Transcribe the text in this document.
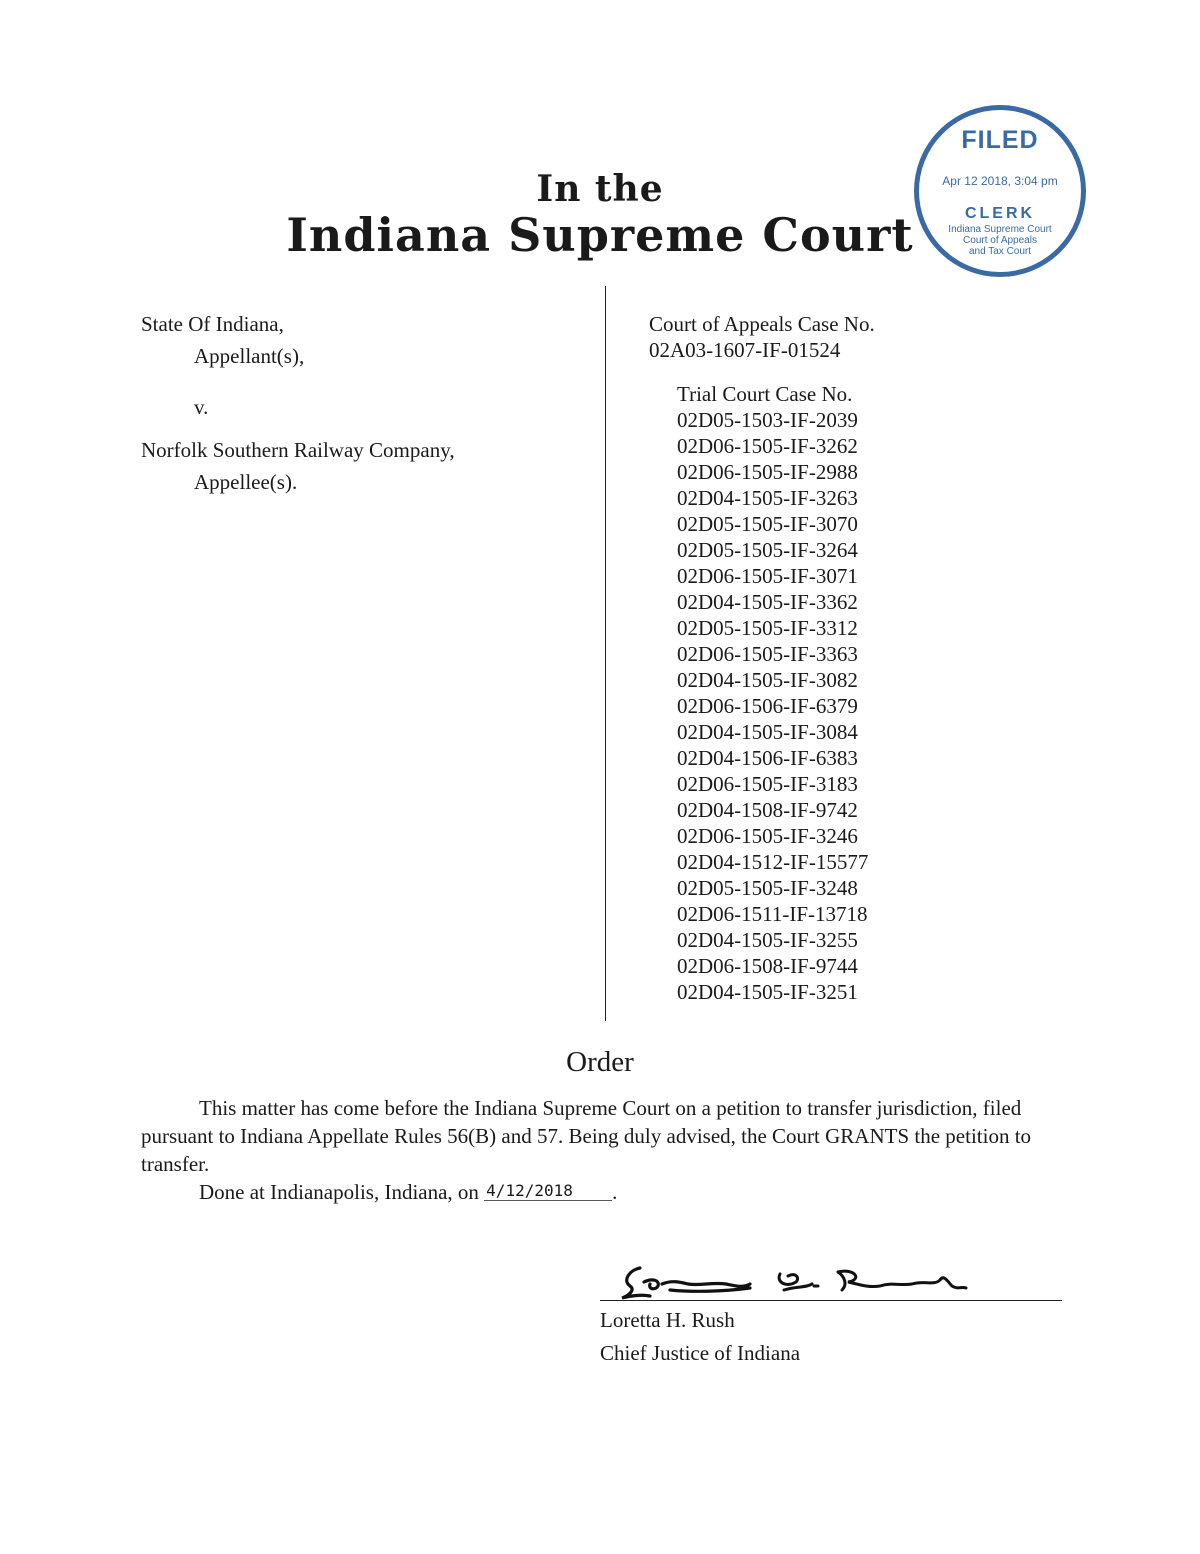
In the
Indiana Supreme Court
FILED
Apr 12 2018, 3:04 pm
CLERK
Indiana Supreme Court
Court of Appeals
and Tax Court
State Of Indiana,
Appellant(s),
v.
Norfolk Southern Railway Company,
Appellee(s).
Court of Appeals Case No.
02A03-1607-IF-01524
Trial Court Case No.
02D05-1503-IF-2039
02D06-1505-IF-3262
02D06-1505-IF-2988
02D04-1505-IF-3263
02D05-1505-IF-3070
02D05-1505-IF-3264
02D06-1505-IF-3071
02D04-1505-IF-3362
02D05-1505-IF-3312
02D06-1505-IF-3363
02D04-1505-IF-3082
02D06-1506-IF-6379
02D04-1505-IF-3084
02D04-1506-IF-6383
02D06-1505-IF-3183
02D04-1508-IF-9742
02D06-1505-IF-3246
02D04-1512-IF-15577
02D05-1505-IF-3248
02D06-1511-IF-13718
02D04-1505-IF-3255
02D06-1508-IF-9744
02D04-1505-IF-3251
Order

This matter has come before the Indiana Supreme Court on a petition to transfer jurisdiction, filed pursuant to Indiana Appellate Rules 56(B) and 57. Being duly advised, the Court GRANTS the petition to transfer.

Done at Indianapolis, Indiana, on 4/12/2018 .

Loretta H. Rush
Chief Justice of Indiana
